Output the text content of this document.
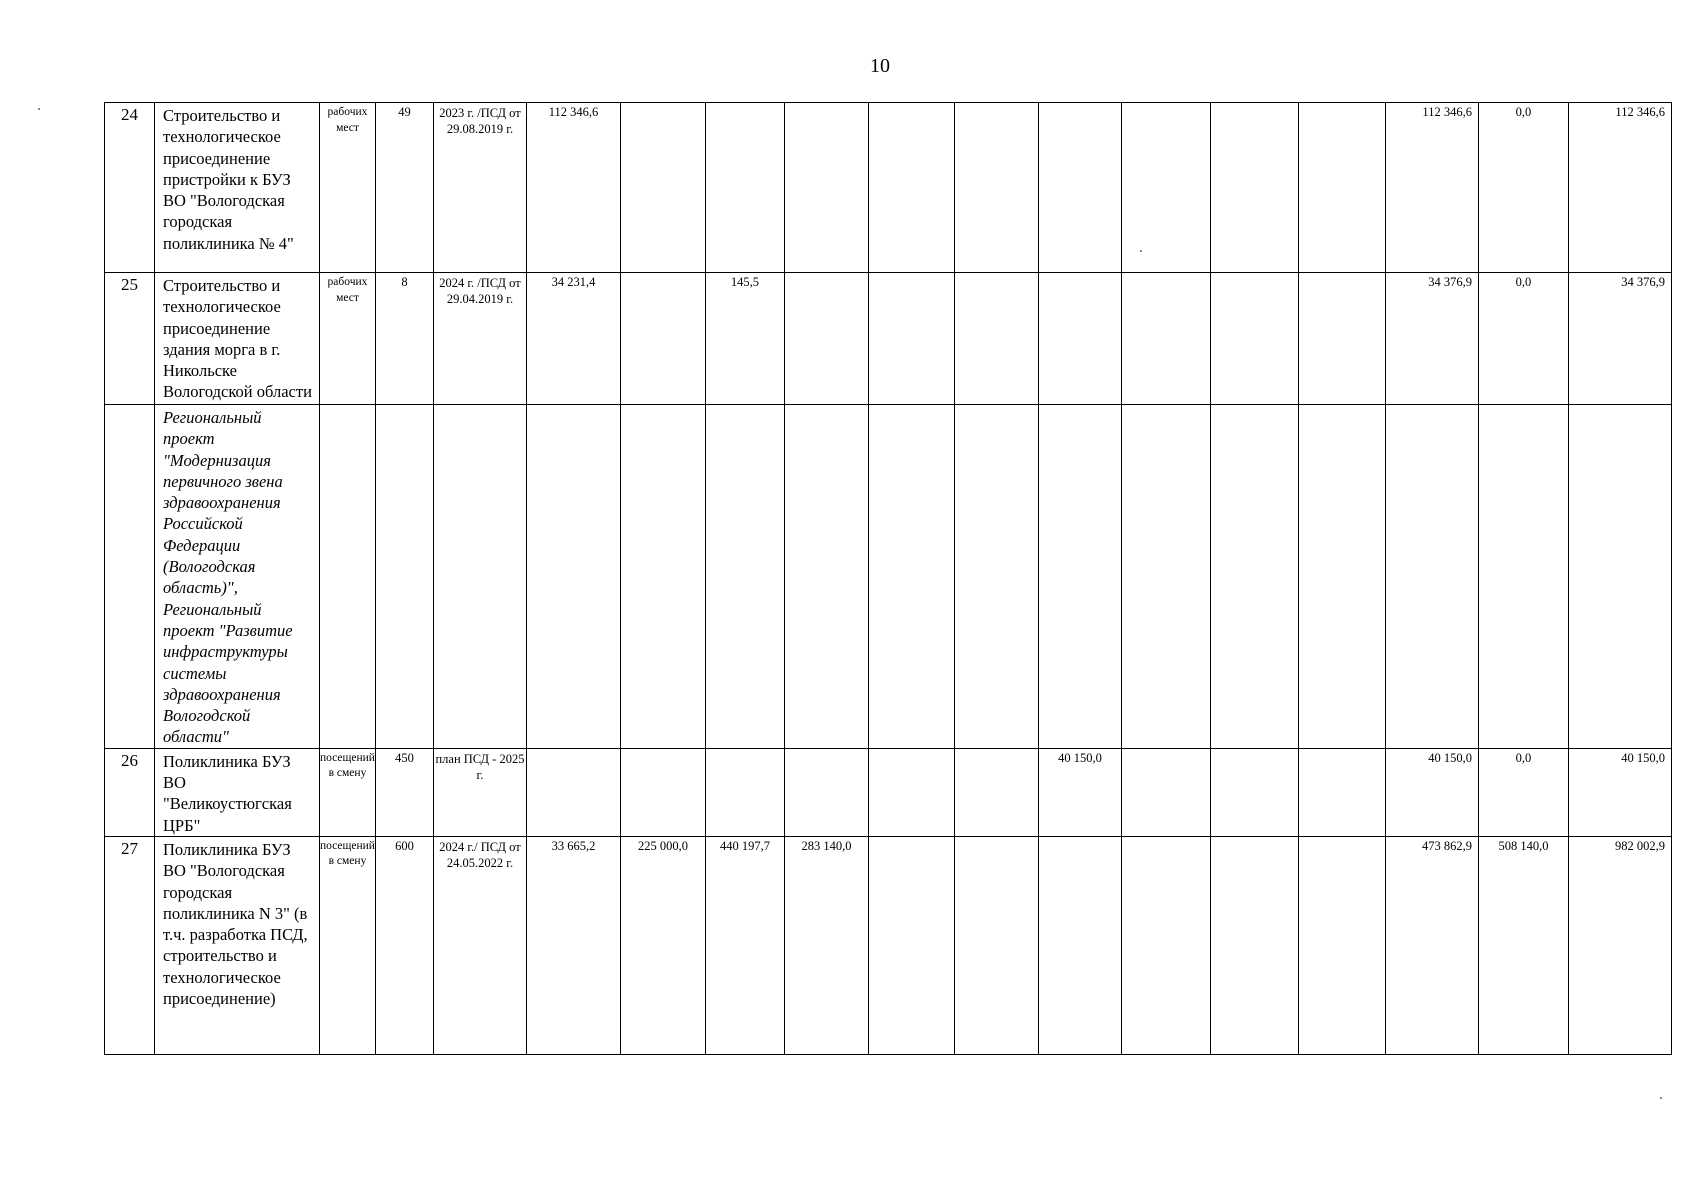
10
24	Строительство и технологическое присоединение пристройки к БУЗ ВО "Вологодская городская поликлиника № 4"	рабочих мест	49	2023 г. /ПСД от 29.08.2019 г.	112 346,6										112 346,6	0,0	112 346,6
25	Строительство и технологическое присоединение здания морга в г. Никольске Вологодской области	рабочих мест	8	2024 г. /ПСД от 29.04.2019 г.	34 231,4		145,5								34 376,9	0,0	34 376,9
	Региональный проект "Модернизация первичного звена здравоохранения Российской Федерации (Вологодская область)", Региональный проект "Развитие инфраструктуры системы здравоохранения Вологодской области"																
26	Поликлиника БУЗ ВО "Великоустюгская ЦРБ"	посещений в смену	450	план ПСД - 2025 г.							40 150,0				40 150,0	0,0	40 150,0
27	Поликлиника БУЗ ВО "Вологодская городская поликлиника N 3" (в т.ч. разработка ПСД, строительство и технологическое присоединение)	посещений в смену	600	2024 г./ ПСД от 24.05.2022 г.	33 665,2	225 000,0	440 197,7	283 140,0							473 862,9	508 140,0	982 002,9
